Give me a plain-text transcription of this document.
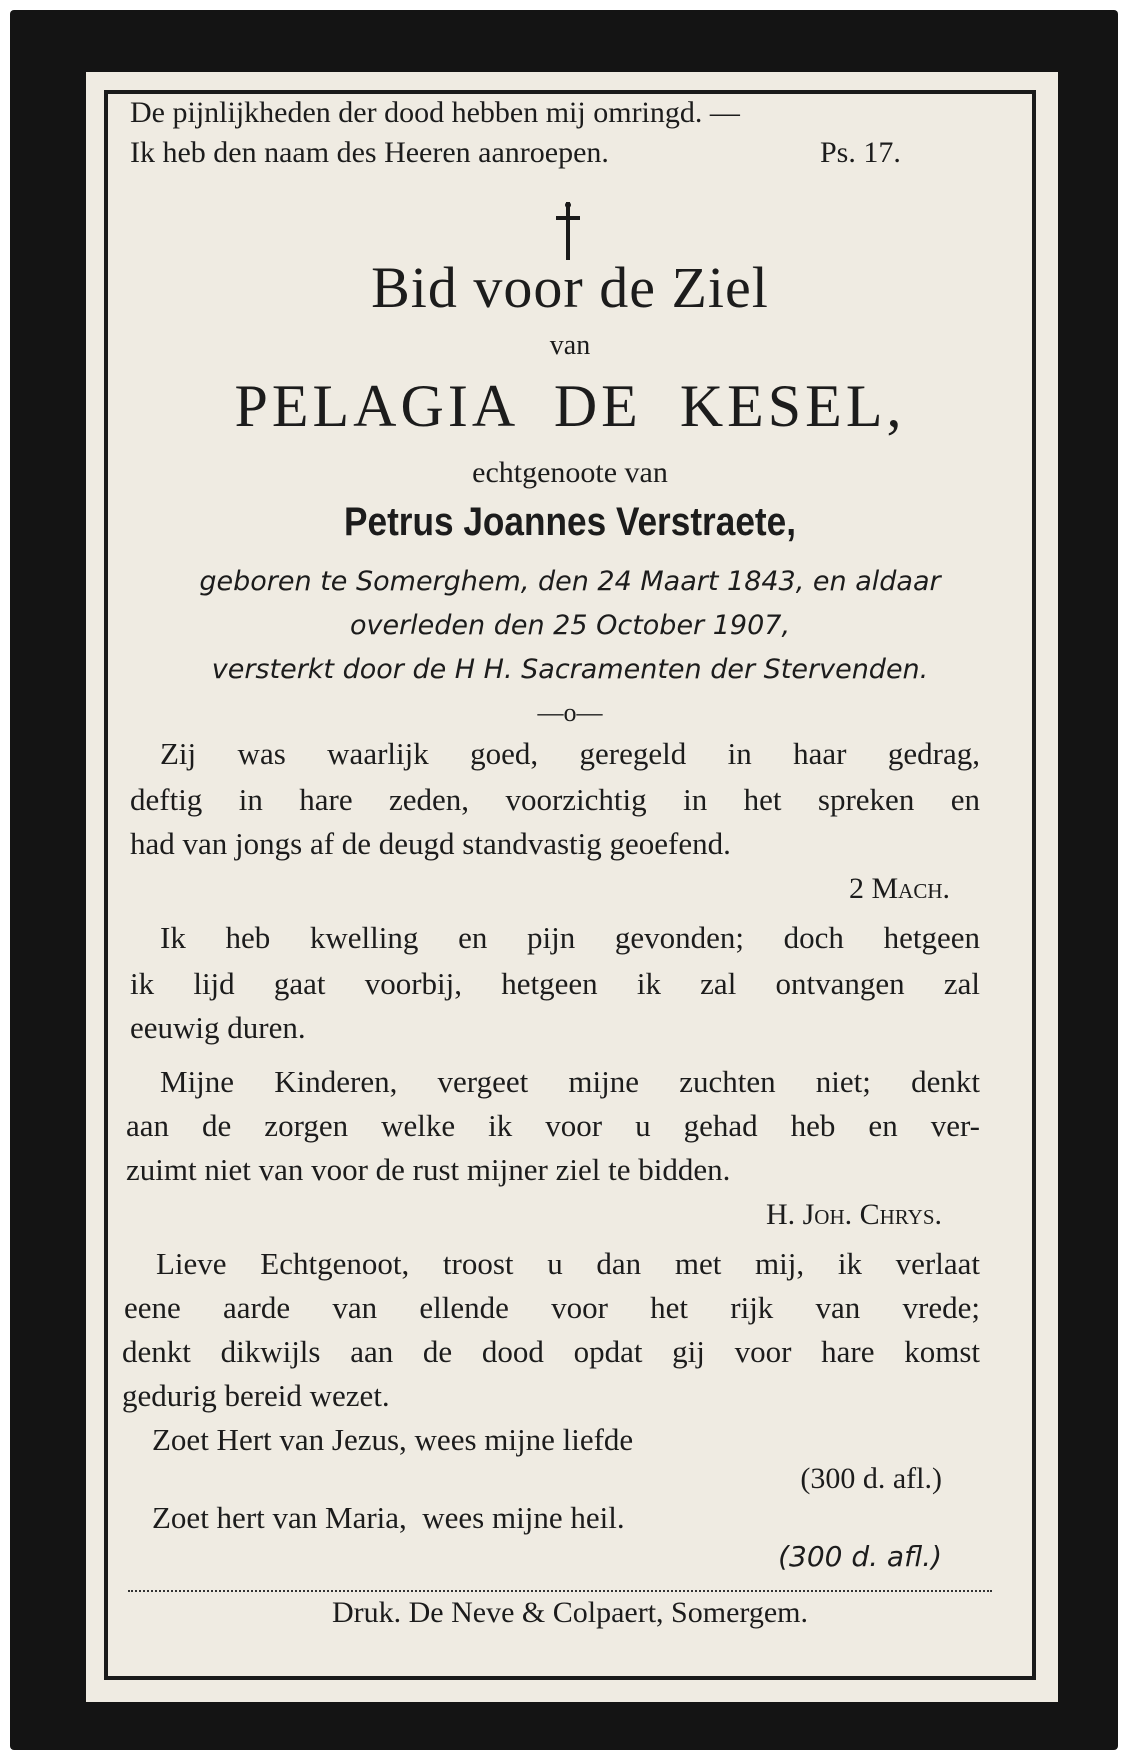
De pijnlijkheden der dood hebben mij omringd. —
Ik heb den naam des Heeren aanroepen.	Ps. 17.
Bid voor de Ziel
van
PELAGIA  DE  KESEL,
echtgenoote van
Petrus Joannes Verstraete,
geboren te Somerghem, den 24 Maart 1843, en aldaar
overleden den 25 October 1907,
versterkt door de H H. Sacramenten der Stervenden.
—o—
Zij was waarlijk goed, geregeld in haar gedrag,
deftig in hare zeden, voorzichtig in het spreken en
had van jongs af de deugd standvastig geoefend.
2 Mach.
Ik heb kwelling en pijn gevonden; doch hetgeen
ik lijd gaat voorbij, hetgeen ik zal ontvangen zal
eeuwig duren.
Mijne Kinderen, vergeet mijne zuchten niet; denkt
aan de zorgen welke ik voor u gehad heb en ver-
zuimt niet van voor de rust mijner ziel te bidden.
H. Joh. Chrys.
Lieve Echtgenoot, troost u dan met mij, ik verlaat
eene aarde van ellende voor het rijk van vrede;
denkt dikwijls aan de dood opdat gij voor hare komst
gedurig bereid wezet.
Zoet Hert van Jezus, wees mijne liefde
(300 d. afl.)
Zoet hert van Maria,  wees mijne heil.
(300 d. afl.)
Druk. De Neve & Colpaert, Somergem.
